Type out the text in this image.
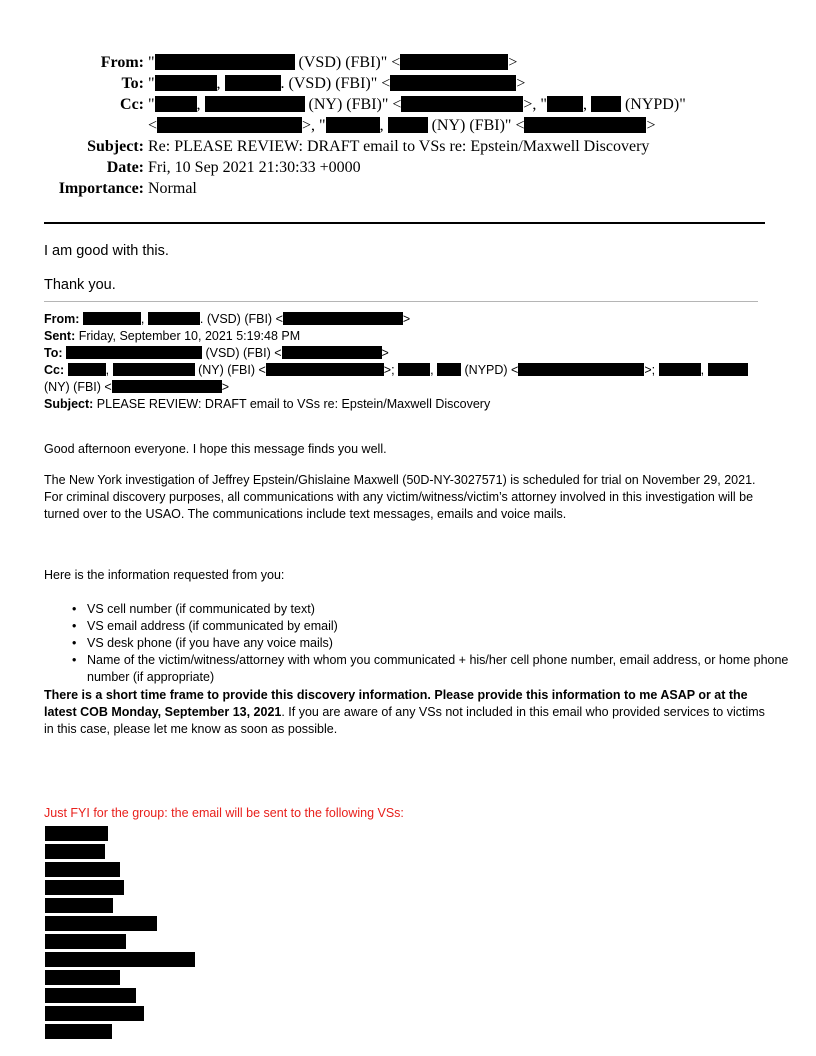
From: "	(VSD) (FBI)" <	>
To: "	,	. (VSD) (FBI)" <	>
Cc: "	,	(NY) (FBI)" <	>, " ,  (NYPD)"
<	>, "	,	(NY) (FBI)" <	>
Subject: Re: PLEASE REVIEW: DRAFT email to VSs re: Epstein/Maxwell Discovery
Date: Fri, 10 Sep 2021 21:30:33 +0000
Importance: Normal

I am good with this.

Thank you.

From:	,	. (VSD) (FBI) <	>
Sent: Friday, September 10, 2021 5:19:48 PM
To:	(VSD) (FBI) <	>
Cc:	,	(NY) (FBI) <	>;	,  (NYPD) <	>;	,
(NY) (FBI) <	>
Subject: PLEASE REVIEW: DRAFT email to VSs re: Epstein/Maxwell Discovery
Good afternoon everyone. I hope this message finds you well.
The New York investigation of Jeffrey Epstein/Ghislaine Maxwell (50D-NY-3027571) is scheduled for trial on November 29, 2021. For criminal discovery purposes, all communications with any victim/witness/victim’s attorney involved in this investigation will be turned over to the USAO. The communications include text messages, emails and voice mails.
Here is the information requested from you:
• VS cell number (if communicated by text)
• VS email address (if communicated by email)
• VS desk phone (if you have any voice mails)
• Name of the victim/witness/attorney with whom you communicated + his/her cell phone number, email address, or home phone number (if appropriate)
There is a short time frame to provide this discovery information. Please provide this information to me ASAP or at the latest COB Monday, September 13, 2021. If you are aware of any VSs not included in this email who provided services to victims in this case, please let me know as soon as possible.
Just FYI for the group: the email will be sent to the following VSs:
